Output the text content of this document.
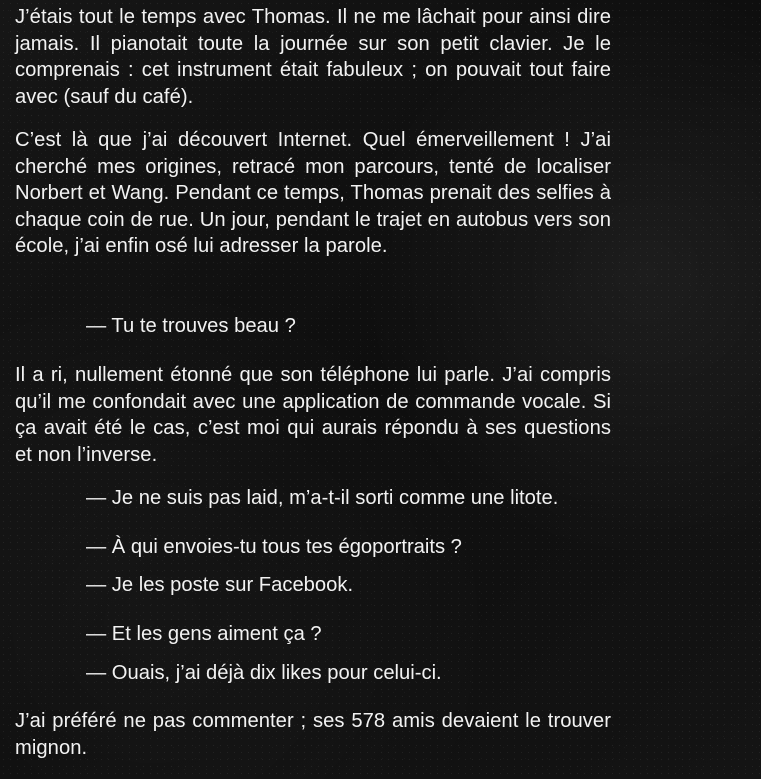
J’étais tout le temps avec Thomas. Il ne me lâchait pour ainsi dire jamais. Il pianotait toute la journée sur son petit clavier. Je le comprenais : cet instrument était fabuleux ; on pouvait tout faire avec (sauf du café).

C’est là que j’ai découvert Internet. Quel émerveillement ! J’ai cherché mes origines, retracé mon parcours, tenté de localiser Norbert et Wang. Pendant ce temps, Thomas prenait des selfies à chaque coin de rue. Un jour, pendant le trajet en autobus vers son école, j’ai enfin osé lui adresser la parole.

— Tu te trouves beau ?

Il a ri, nullement étonné que son téléphone lui parle. J’ai compris qu’il me confondait avec une application de commande vocale. Si ça avait été le cas, c’est moi qui aurais répondu à ses questions et non l’inverse.

— Je ne suis pas laid, m’a-t-il sorti comme une litote.

— À qui envoies-tu tous tes égoportraits ?

— Je les poste sur Facebook.

— Et les gens aiment ça ?

— Ouais, j’ai déjà dix likes pour celui-ci.

J’ai préféré ne pas commenter ; ses 578 amis devaient le trouver mignon.
